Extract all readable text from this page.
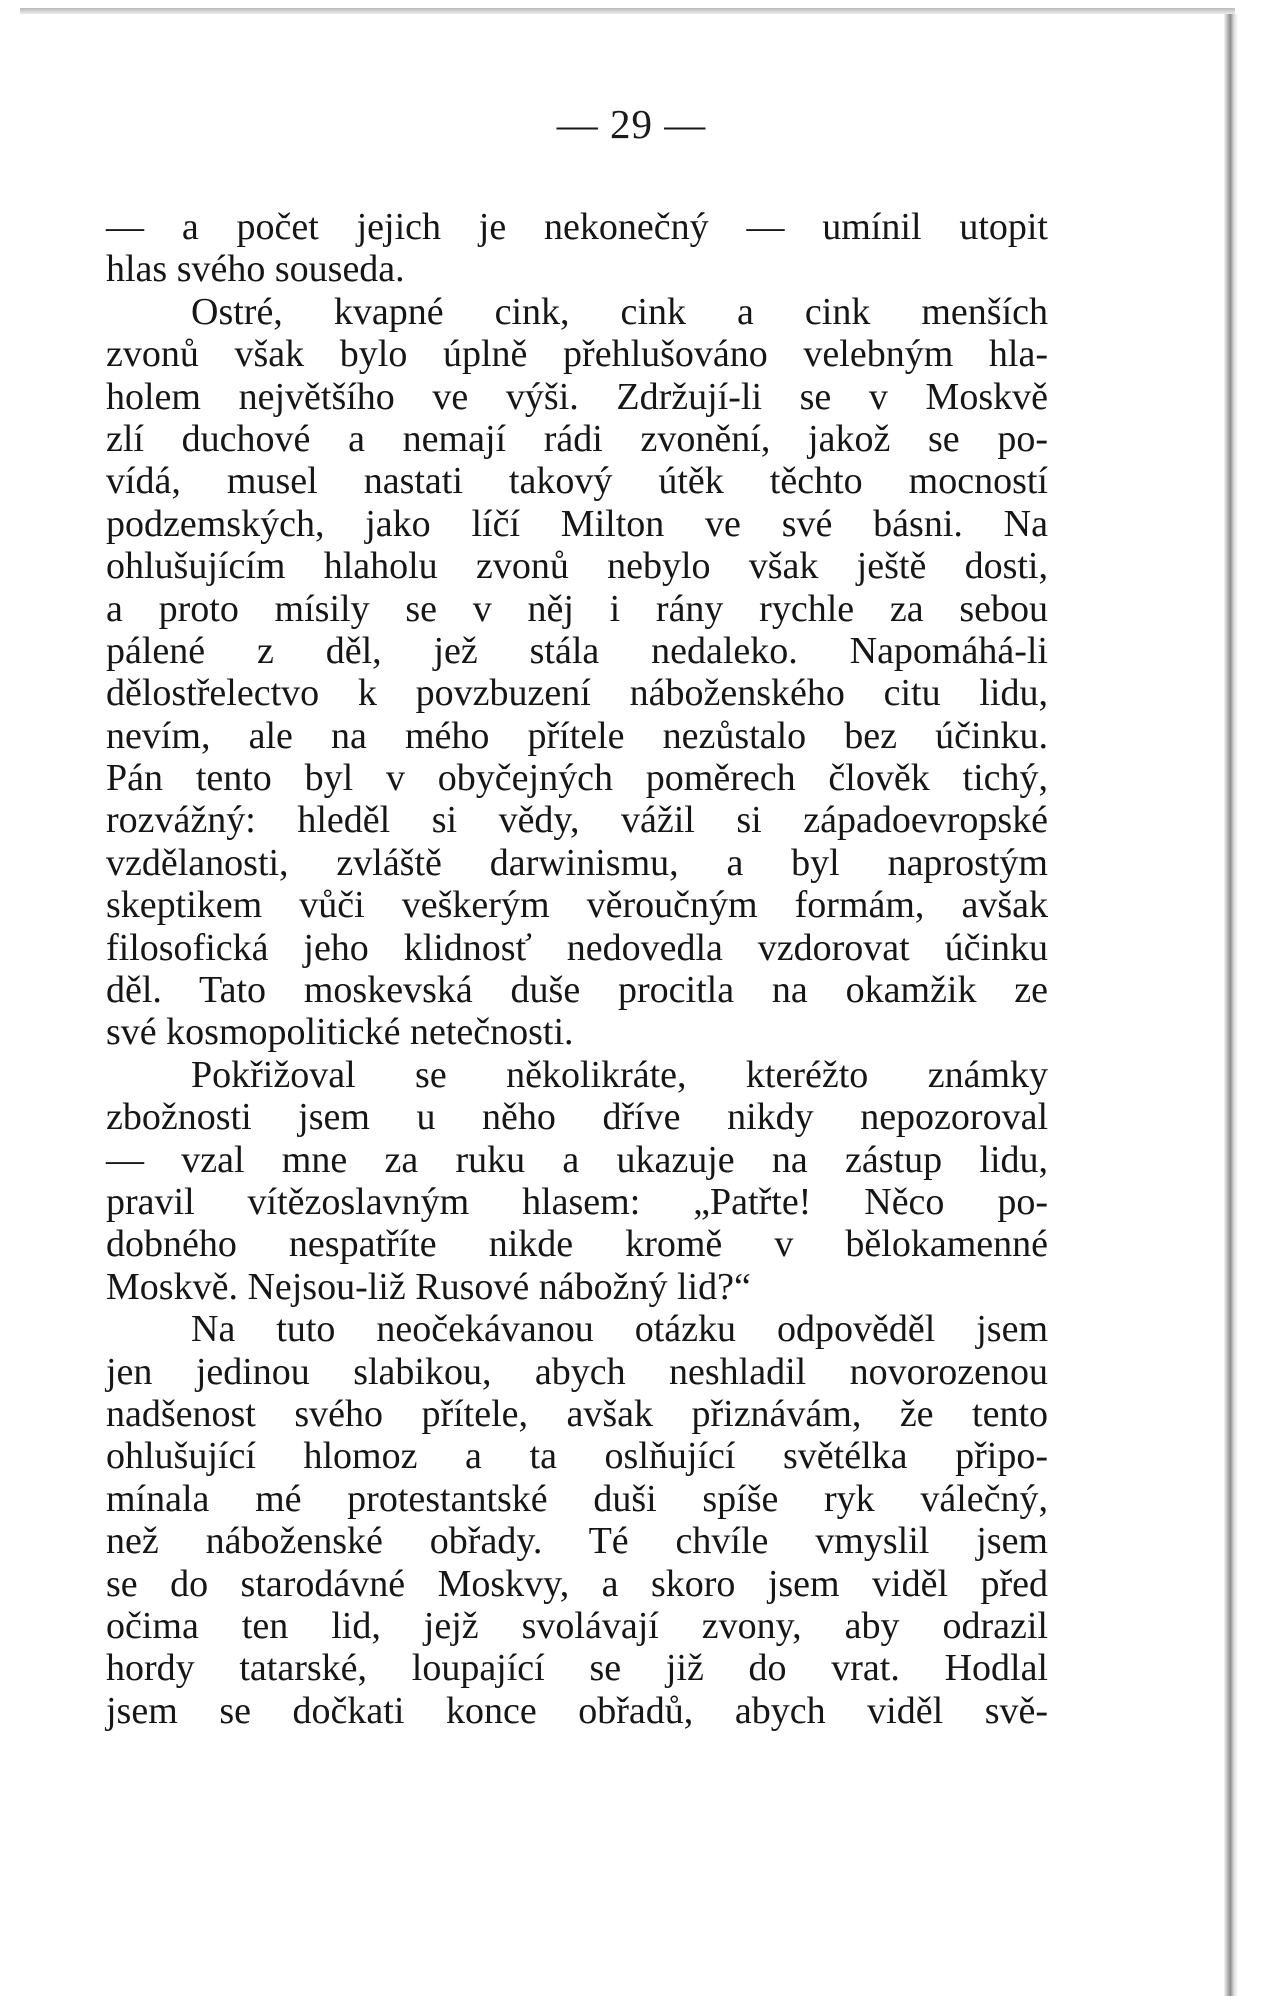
— 29 —
— a počet jejich je nekonečný — umínil utopit
hlas svého souseda.
Ostré, kvapné cink, cink a cink menších
zvonů však bylo úplně přehlušováno velebným hla-
holem největšího ve výši. Zdržují-li se v Moskvě
zlí duchové a nemají rádi zvonění, jakož se po-
vídá, musel nastati takový útěk těchto mocností
podzemských, jako líčí Milton ve své básni. Na
ohlušujícím hlaholu zvonů nebylo však ještě dosti,
a proto mísily se v něj i rány rychle za sebou
pálené z děl, jež stála nedaleko. Napomáhá-li
dělostřelectvo k povzbuzení náboženského citu lidu,
nevím, ale na mého přítele nezůstalo bez účinku.
Pán tento byl v obyčejných poměrech člověk tichý,
rozvážný: hleděl si vědy, vážil si západoevropské
vzdělanosti, zvláště darwinismu, a byl naprostým
skeptikem vůči veškerým věroučným formám, avšak
filosofická jeho klidnosť nedovedla vzdorovat účinku
děl. Tato moskevská duše procitla na okamžik ze
své kosmopolitické netečnosti.
Pokřižoval se několikráte, kteréžto známky
zbožnosti jsem u něho dříve nikdy nepozoroval
— vzal mne za ruku a ukazuje na zástup lidu,
pravil vítězoslavným hlasem: „Patřte! Něco po-
dobného nespatříte nikde kromě v bělokamenné
Moskvě. Nejsou-liž Rusové nábožný lid?“
Na tuto neočekávanou otázku odpověděl jsem
jen jedinou slabikou, abych neshladil novorozenou
nadšenost svého přítele, avšak přiznávám, že tento
ohlušující hlomoz a ta oslňující světélka připo-
mínala mé protestantské duši spíše ryk válečný,
než náboženské obřady. Té chvíle vmyslil jsem
se do starodávné Moskvy, a skoro jsem viděl před
očima ten lid, jejž svolávají zvony, aby odrazil
hordy tatarské, loupající se již do vrat. Hodlal
jsem se dočkati konce obřadů, abych viděl svě-
